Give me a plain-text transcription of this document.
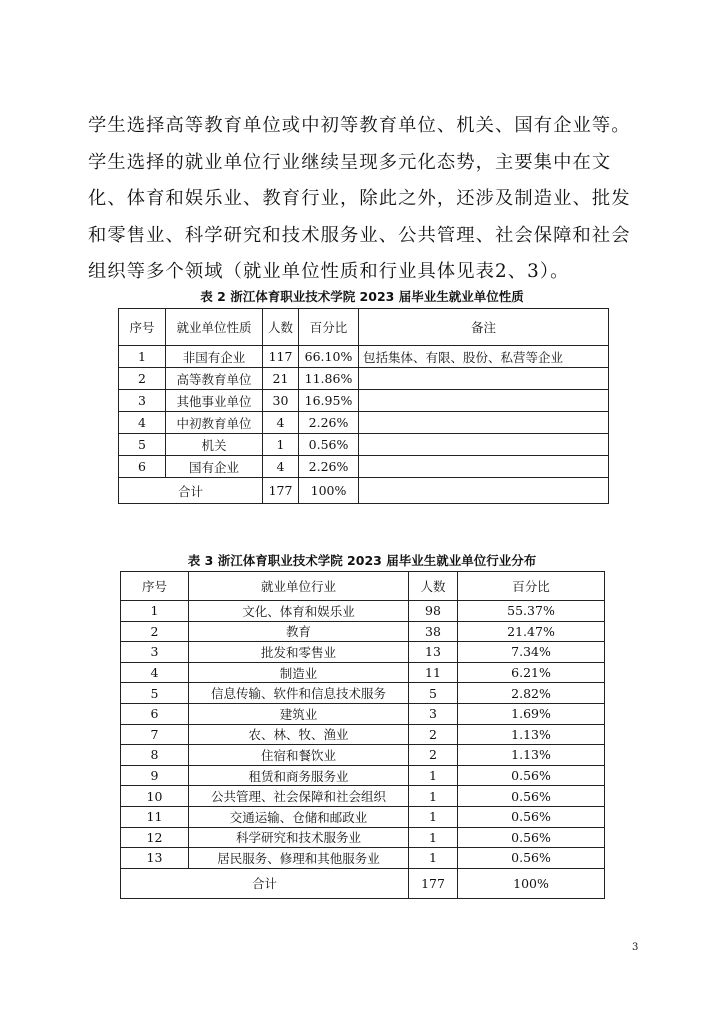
学生选择高等教育单位或中初等教育单位、机关、国有企业等。学生选择的就业单位行业继续呈现多元化态势，主要集中在文化、体育和娱乐业、教育行业，除此之外，还涉及制造业、批发和零售业、科学研究和技术服务业、公共管理、社会保障和社会组织等多个领域（就业单位性质和行业具体见表2、3）。

表 2 浙江体育职业技术学院 2023 届毕业生就业单位性质
序号	就业单位性质	人数	百分比	备注
1	非国有企业	117	66.10%	包括集体、有限、股份、私营等企业
2	高等教育单位	21	11.86%	
3	其他事业单位	30	16.95%	
4	中初教育单位	4	2.26%	
5	机关	1	0.56%	
6	国有企业	4	2.26%	
合计		177	100%	
表 3 浙江体育职业技术学院 2023 届毕业生就业单位行业分布
序号	就业单位行业	人数	百分比
1	文化、体育和娱乐业	98	55.37%
2	教育	38	21.47%
3	批发和零售业	13	7.34%
4	制造业	11	6.21%
5	信息传输、软件和信息技术服务	5	2.82%
6	建筑业	3	1.69%
7	农、林、牧、渔业	2	1.13%
8	住宿和餐饮业	2	1.13%
9	租赁和商务服务业	1	0.56%
10	公共管理、社会保障和社会组织	1	0.56%
11	交通运输、仓储和邮政业	1	0.56%
12	科学研究和技术服务业	1	0.56%
13	居民服务、修理和其他服务业	1	0.56%
合计		177	100%
3
